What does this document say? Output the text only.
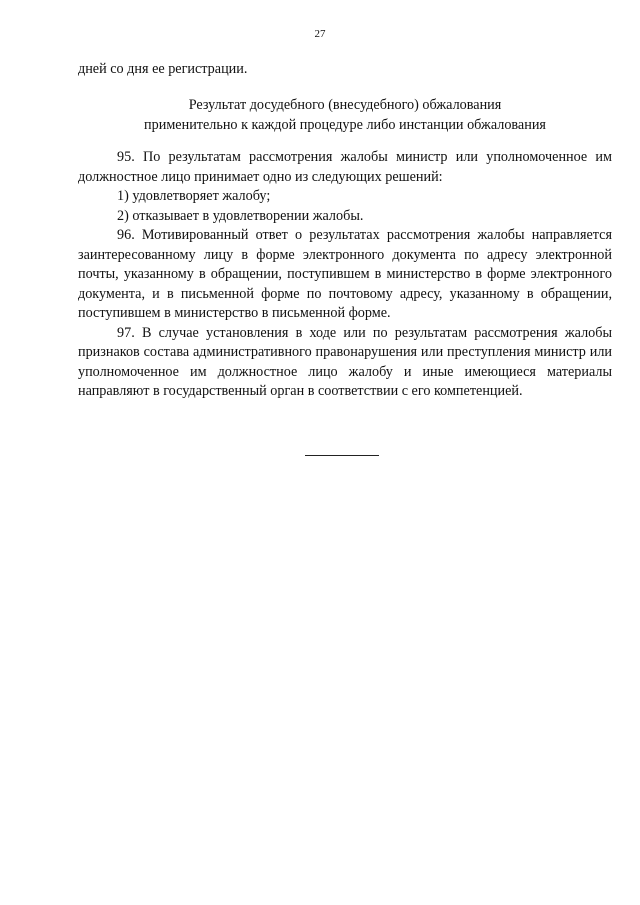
27

дней со дня ее регистрации.

Результат досудебного (внесудебного) обжалования
применительно к каждой процедуре либо инстанции обжалования

95. По результатам рассмотрения жалобы министр или уполномоченное им должностное лицо принимает одно из следующих решений:

1) удовлетворяет жалобу;

2) отказывает в удовлетворении жалобы.

96. Мотивированный ответ о результатах рассмотрения жалобы направляется заинтересованному лицу в форме электронного документа по адресу электронной почты, указанному в обращении, поступившем в министерство в форме электронного документа, и в письменной форме по почтовому адресу, указанному в обращении, поступившем в министерство в письменной форме.

97. В случае установления в ходе или по результатам рассмотрения жалобы признаков состава административного правонарушения или преступления министр или уполномоченное им должностное лицо жалобу и иные имеющиеся материалы направляют в государственный орган в соответствии с его компетенцией.
